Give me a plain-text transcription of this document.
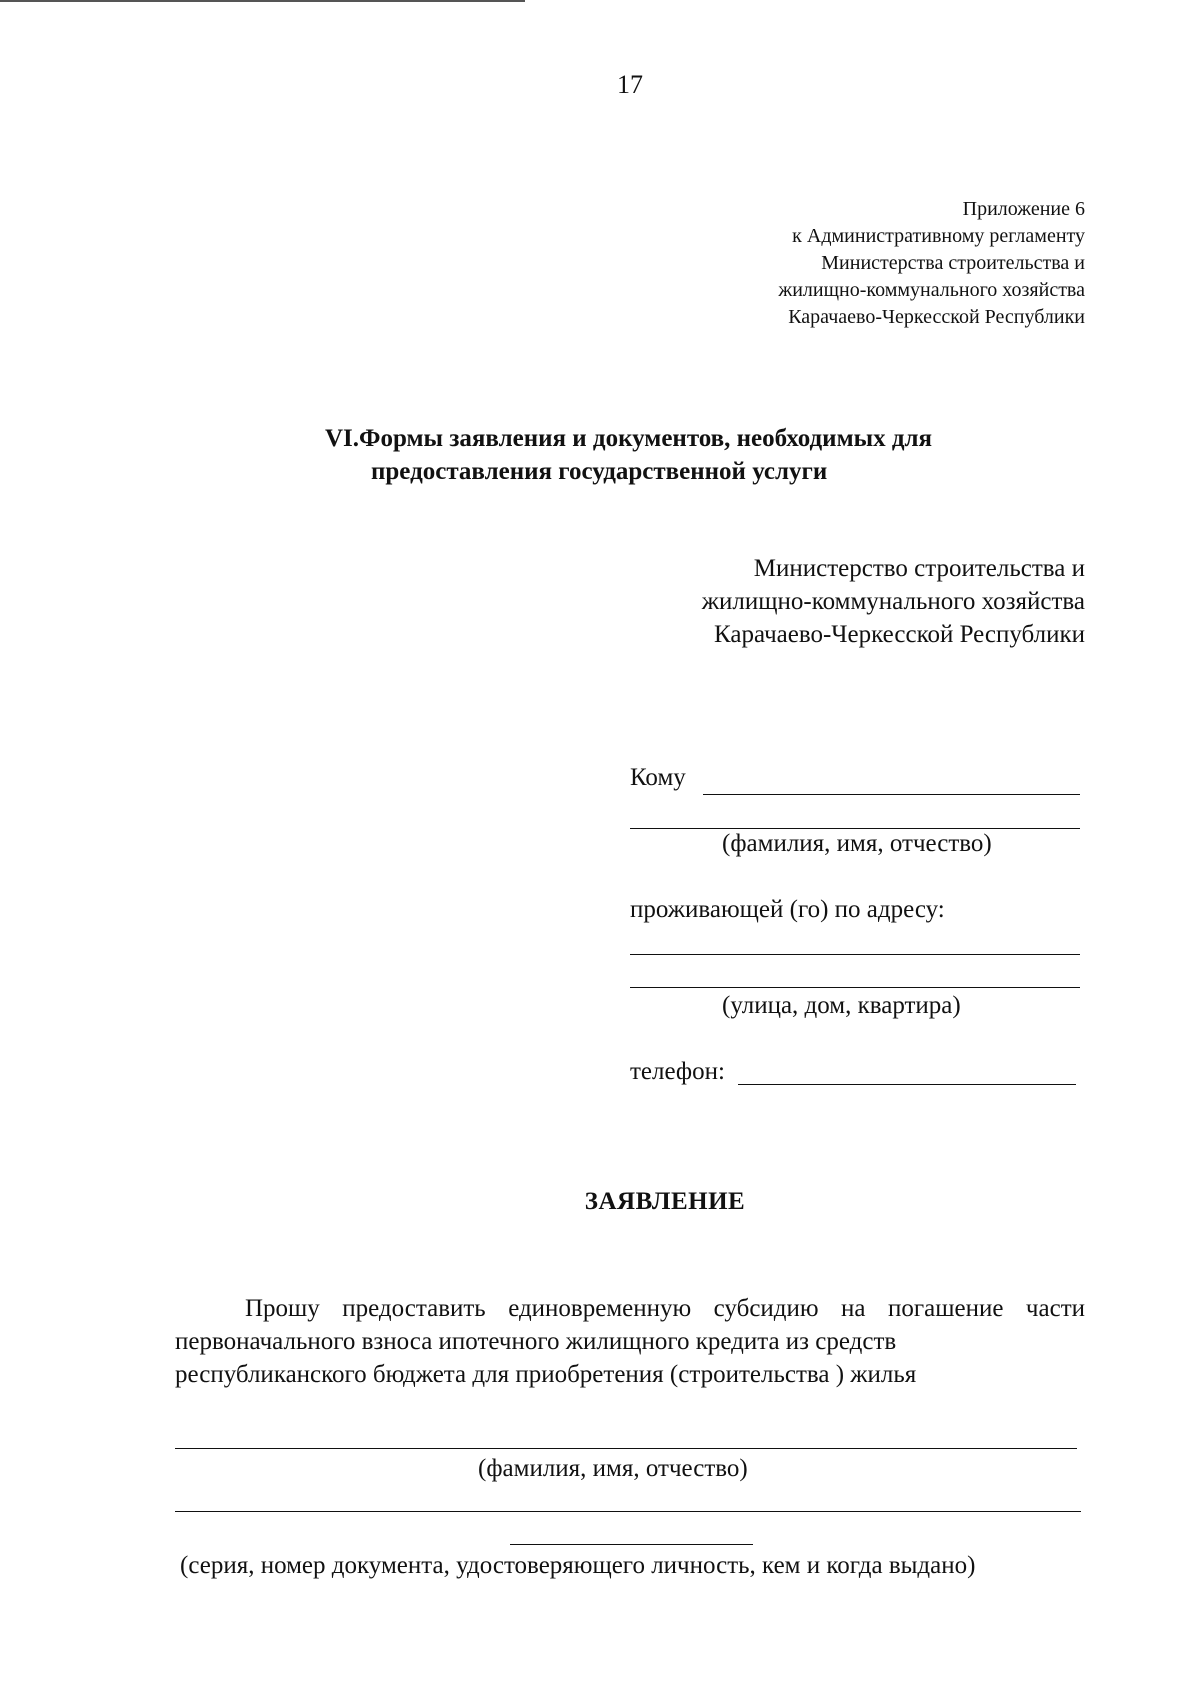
17
Приложение 6
к Административному регламенту
Министерства строительства и
жилищно-коммунального хозяйства
Карачаево-Черкесской Республики
VI.Формы заявления и документов, необходимых для
предоставления государственной услуги
Министерство строительства и
жилищно-коммунального хозяйства
Карачаево-Черкесской Республики
Кому
(фамилия, имя, отчество)
проживающей (го) по адресу:
(улица, дом, квартира)
телефон:
ЗАЯВЛЕНИЕ
Прошу предоставить единовременную субсидию на погашение части первоначального взноса ипотечного жилищного кредита из средств
республиканского бюджета для приобретения (строительства ) жилья
(фамилия, имя, отчество)
(серия, номер документа, удостоверяющего личность, кем и когда выдано)
